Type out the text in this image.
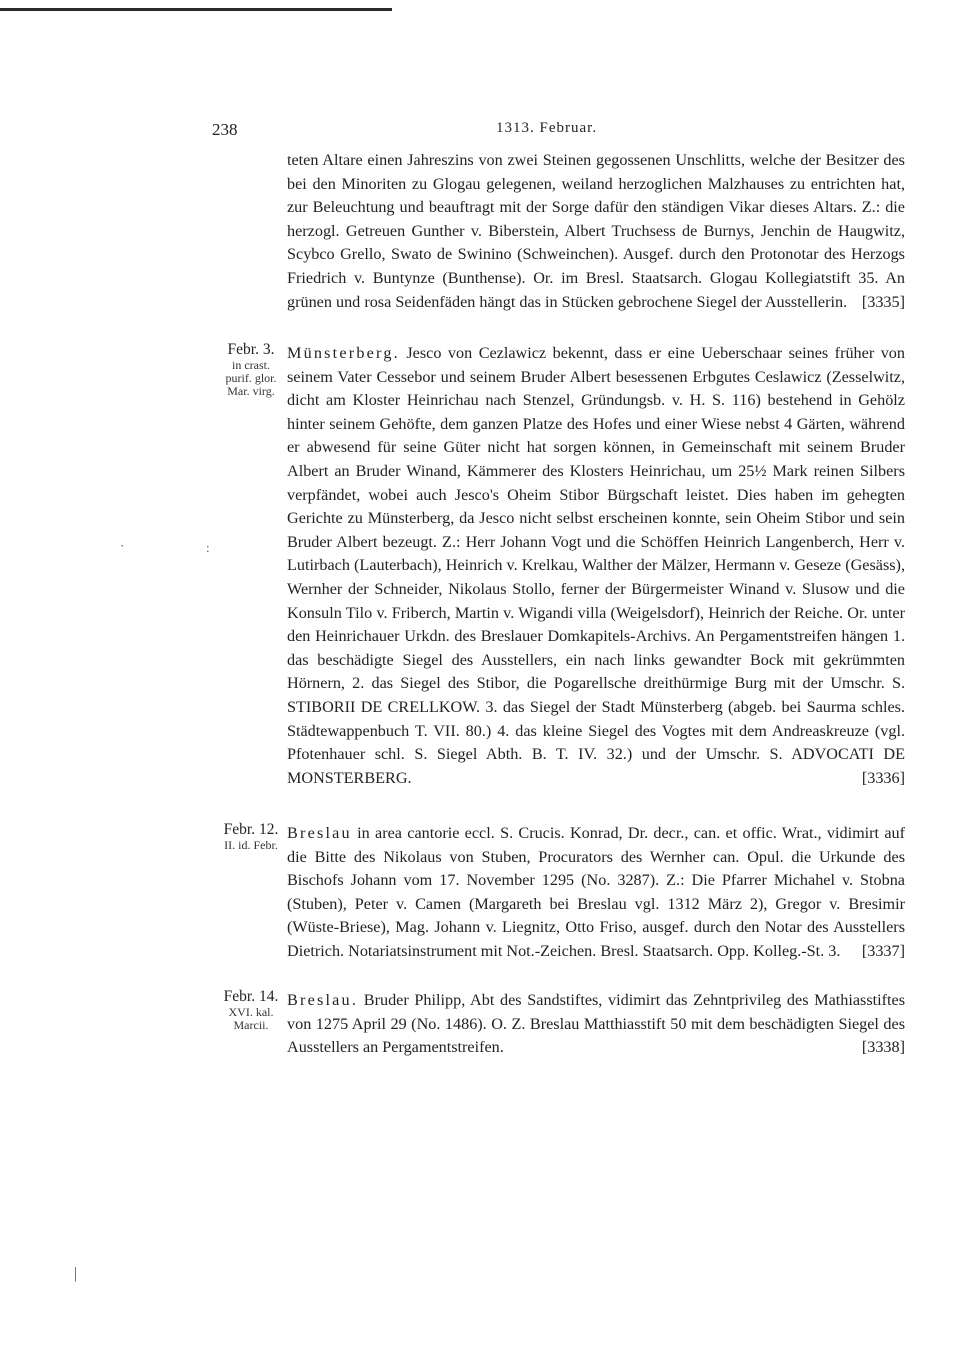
238	1313. Februar.
teten Altare einen Jahreszins von zwei Steinen gegossenen Unschlitts, welche der Besitzer des bei den Minoriten zu Glogau gelegenen, weiland herzoglichen Malzhauses zu entrichten hat, zur Beleuchtung und beauftragt mit der Sorge dafür den ständigen Vikar dieses Altars. Z.: die herzogl. Getreuen Gunther v. Biberstein, Albert Truchsess de Burnys, Jenchin de Haugwitz, Scybco Grello, Swato de Swinino (Schweinchen). Ausgef. durch den Protonotar des Herzogs Friedrich v. Buntynze (Bunthense). Or. im Bresl. Staatsarch. Glogau Kollegiatstift 35. An grünen und rosa Seidenfäden hängt das in Stücken gebrochene Siegel der Ausstellerin. [3335]
Febr. 3.
in crast.
purif. glor.
Mar. virg.
Münsterberg. Jesco von Cezlawicz bekennt, dass er eine Ueberschaar seines früher von seinem Vater Cessebor und seinem Bruder Albert besessenen Erbgutes Ceslawicz (Zesselwitz, dicht am Kloster Heinrichau nach Stenzel, Gründungsb. v. H. S. 116) bestehend in Gehölz hinter seinem Gehöfte, dem ganzen Platze des Hofes und einer Wiese nebst 4 Gärten, während er abwesend für seine Güter nicht hat sorgen können, in Gemeinschaft mit seinem Bruder Albert an Bruder Winand, Kämmerer des Klosters Heinrichau, um 25½ Mark reinen Silbers verpfändet, wobei auch Jesco's Oheim Stibor Bürgschaft leistet. Dies haben im gehegten Gerichte zu Münsterberg, da Jesco nicht selbst erscheinen konnte, sein Oheim Stibor und sein Bruder Albert bezeugt. Z.: Herr Johann Vogt und die Schöffen Heinrich Langenberch, Herr v. Lutirbach (Lauterbach), Heinrich v. Krelkau, Walther der Mälzer, Hermann v. Geseze (Gesäss), Wernher der Schneider, Nikolaus Stollo, ferner der Bürgermeister Winand v. Slusow und die Konsuln Tilo v. Friberch, Martin v. Wigandi villa (Weigelsdorf), Heinrich der Reiche. Or. unter den Heinrichauer Urkdn. des Breslauer Domkapitels-Archivs. An Pergamentstreifen hängen 1. das beschädigte Siegel des Ausstellers, ein nach links gewandter Bock mit gekrümmten Hörnern, 2. das Siegel des Stibor, die Pogarellsche dreithürmige Burg mit der Umschr. S. STIBORII DE CRELLKOW. 3. das Siegel der Stadt Münsterberg (abgeb. bei Saurma schles. Städtewappenbuch T. VII. 80.) 4. das kleine Siegel des Vogtes mit dem Andreaskreuze (vgl. Pfotenhauer schl. S. Siegel Abth. B. T. IV. 32.) und der Umschr. S. ADVOCATI DE MONSTERBERG.	[3336]
Febr. 12.
II. id. Febr.
Breslau in area cantorie eccl. S. Crucis. Konrad, Dr. decr., can. et offic. Wrat., vidimirt auf die Bitte des Nikolaus von Stuben, Procurators des Wernher can. Opul. die Urkunde des Bischofs Johann vom 17. November 1295 (No. 3287). Z.: Die Pfarrer Michahel v. Stobna (Stuben), Peter v. Camen (Margareth bei Breslau vgl. 1312 März 2), Gregor v. Bresimir (Wüste-Briese), Mag. Johann v. Liegnitz, Otto Friso, ausgef. durch den Notar des Ausstellers Dietrich. Notariatsinstrument mit Not.-Zeichen. Bresl. Staatsarch. Opp. Kolleg.-St. 3. [3337]
Febr. 14.
XVI. kal.
Marcii.
Breslau. Bruder Philipp, Abt des Sandstiftes, vidimirt das Zehntprivileg des Mathiasstiftes von 1275 April 29 (No. 1486). O. Z. Breslau Matthiasstift 50 mit dem beschädigten Siegel des Ausstellers an Pergamentstreifen.	[3338]
·	:
|
